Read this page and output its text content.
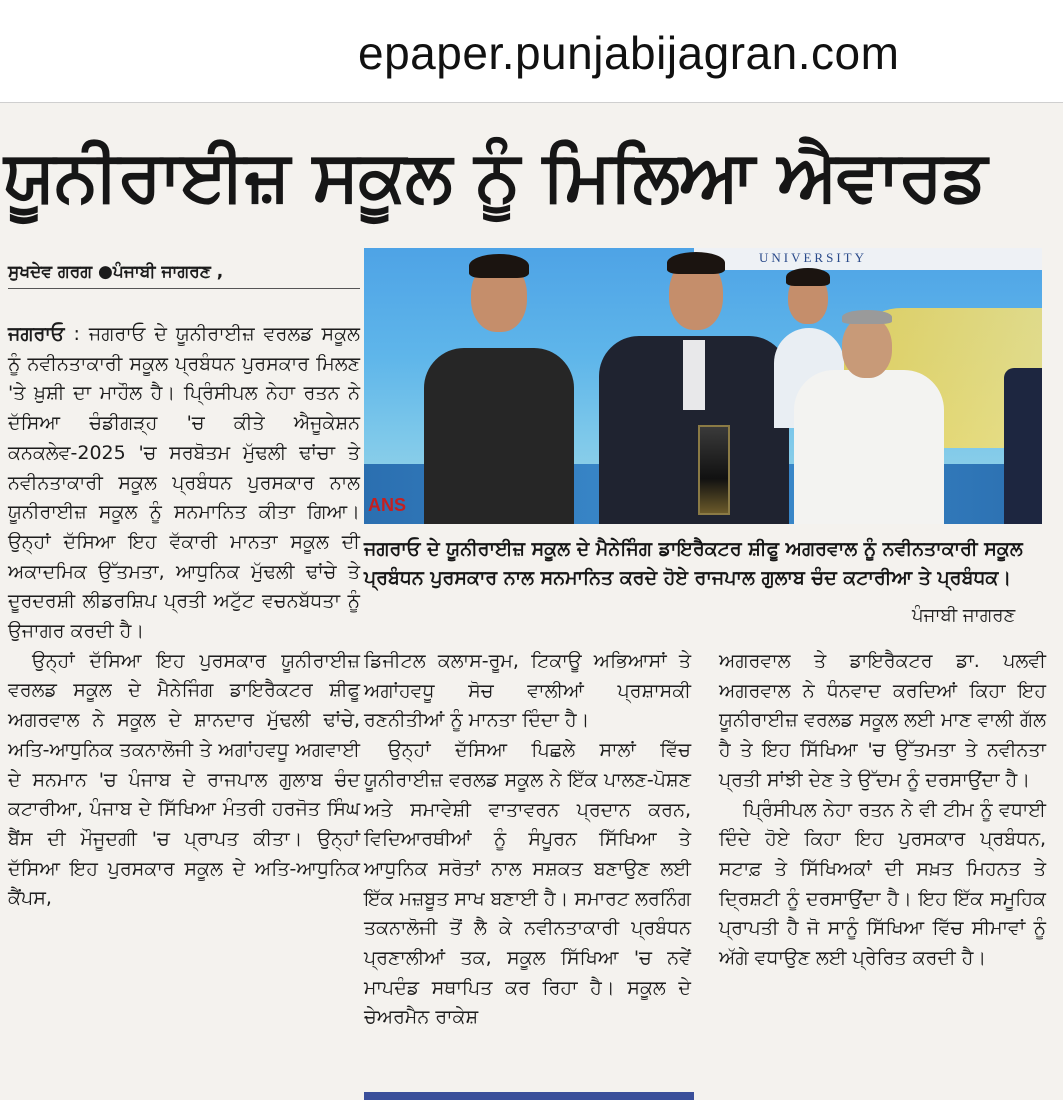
epaper.punjabijagran.com
ਯੂਨੀਰਾਈਜ਼ ਸਕੂਲ ਨੂੰ ਮਿਲਿਆ ਐਵਾਰਡ
ਸੁਖਦੇਵ ਗਰਗ ●ਪੰਜਾਬੀ ਜਾਗਰਣ ,

ਜਗਰਾਓ : ਜਗਰਾਓ ਦੇ ਯੂਨੀਰਾਈਜ਼ ਵਰਲਡ ਸਕੂਲ ਨੂੰ ਨਵੀਨਤਾਕਾਰੀ ਸਕੂਲ ਪ੍ਰਬੰਧਨ ਪੁਰਸਕਾਰ ਮਿਲਣ 'ਤੇ ਖ਼ੁਸ਼ੀ ਦਾ ਮਾਹੌਲ ਹੈ। ਪ੍ਰਿੰਸੀਪਲ ਨੇਹਾ ਰਤਨ ਨੇ ਦੱਸਿਆ ਚੰਡੀਗੜ੍ਹ 'ਚ ਕੀਤੇ ਐਜੂਕੇਸ਼ਨ ਕਨਕਲੇਵ-2025 'ਚ ਸਰਬੋਤਮ ਮੁੱਢਲੀ ਢਾਂਚਾ ਤੇ ਨਵੀਨਤਾਕਾਰੀ ਸਕੂਲ ਪ੍ਰਬੰਧਨ ਪੁਰਸਕਾਰ ਨਾਲ ਯੂਨੀਰਾਈਜ਼ ਸਕੂਲ ਨੂੰ ਸਨਮਾਨਿਤ ਕੀਤਾ ਗਿਆ। ਉਨ੍ਹਾਂ ਦੱਸਿਆ ਇਹ ਵੱਕਾਰੀ ਮਾਨਤਾ ਸਕੂਲ ਦੀ ਅਕਾਦਮਿਕ ਉੱਤਮਤਾ, ਆਧੁਨਿਕ ਮੁੱਢਲੀ ਢਾਂਚੇ ਤੇ ਦੂਰਦਰਸ਼ੀ ਲੀਡਰਸ਼ਿਪ ਪ੍ਰਤੀ ਅਟੁੱਟ ਵਚਨਬੱਧਤਾ ਨੂੰ ਉਜਾਗਰ ਕਰਦੀ ਹੈ।

ਉਨ੍ਹਾਂ ਦੱਸਿਆ ਇਹ ਪੁਰਸਕਾਰ ਯੂਨੀਰਾਈਜ਼ ਵਰਲਡ ਸਕੂਲ ਦੇ ਮੈਨੇਜਿੰਗ ਡਾਇਰੈਕਟਰ ਸ਼ੀਫੂ ਅਗਰਵਾਲ ਨੇ ਸਕੂਲ ਦੇ ਸ਼ਾਨਦਾਰ ਮੁੱਢਲੀ ਢਾਂਚੇ, ਅਤਿ-ਆਧੁਨਿਕ ਤਕਨਾਲੋਜੀ ਤੇ ਅਗਾਂਹਵਧੂ ਅਗਵਾਈ ਦੇ ਸਨਮਾਨ 'ਚ ਪੰਜਾਬ ਦੇ ਰਾਜਪਾਲ ਗੁਲਾਬ ਚੰਦ ਕਟਾਰੀਆ, ਪੰਜਾਬ ਦੇ ਸਿੱਖਿਆ ਮੰਤਰੀ ਹਰਜੋਤ ਸਿੰਘ ਬੈਂਸ ਦੀ ਮੌਜੂਦਗੀ 'ਚ ਪ੍ਰਾਪਤ ਕੀਤਾ। ਉਨ੍ਹਾਂ ਦੱਸਿਆ ਇਹ ਪੁਰਸਕਾਰ ਸਕੂਲ ਦੇ ਅਤਿ-ਆਧੁਨਿਕ ਕੈਂਪਸ,

UNIVERSITY
ANS
ਜਗਰਾਓ ਦੇ ਯੂਨੀਰਾਈਜ਼ ਸਕੂਲ ਦੇ ਮੈਨੇਜਿੰਗ ਡਾਇਰੈਕਟਰ ਸ਼ੀਫੂ ਅਗਰਵਾਲ ਨੂੰ ਨਵੀਨਤਾਕਾਰੀ ਸਕੂਲ ਪ੍ਰਬੰਧਨ ਪੁਰਸਕਾਰ ਨਾਲ ਸਨਮਾਨਿਤ ਕਰਦੇ ਹੋਏ ਰਾਜਪਾਲ ਗੁਲਾਬ ਚੰਦ ਕਟਾਰੀਆ ਤੇ ਪ੍ਰਬੰਧਕ।
ਪੰਜਾਬੀ ਜਾਗਰਣ

ਡਿਜੀਟਲ ਕਲਾਸ-ਰੂਮ, ਟਿਕਾਊ ਅਭਿਆਸਾਂ ਤੇ ਅਗਾਂਹਵਧੂ ਸੋਚ ਵਾਲੀਆਂ ਪ੍ਰਸ਼ਾਸਕੀ ਰਣਨੀਤੀਆਂ ਨੂੰ ਮਾਨਤਾ ਦਿੰਦਾ ਹੈ।

ਉਨ੍ਹਾਂ ਦੱਸਿਆ ਪਿਛਲੇ ਸਾਲਾਂ ਵਿੱਚ ਯੂਨੀਰਾਈਜ਼ ਵਰਲਡ ਸਕੂਲ ਨੇ ਇੱਕ ਪਾਲਣ-ਪੋਸ਼ਣ ਅਤੇ ਸਮਾਵੇਸ਼ੀ ਵਾਤਾਵਰਨ ਪ੍ਰਦਾਨ ਕਰਨ, ਵਿਦਿਆਰਥੀਆਂ ਨੂੰ ਸੰਪੂਰਨ ਸਿੱਖਿਆ ਤੇ ਆਧੁਨਿਕ ਸਰੋਤਾਂ ਨਾਲ ਸਸ਼ਕਤ ਬਣਾਉਣ ਲਈ ਇੱਕ ਮਜ਼ਬੂਤ ਸਾਖ ਬਣਾਈ ਹੈ। ਸਮਾਰਟ ਲਰਨਿੰਗ ਤਕਨਾਲੋਜੀ ਤੋਂ ਲੈ ਕੇ ਨਵੀਨਤਾਕਾਰੀ ਪ੍ਰਬੰਧਨ ਪ੍ਰਣਾਲੀਆਂ ਤਕ, ਸਕੂਲ ਸਿੱਖਿਆ 'ਚ ਨਵੇਂ ਮਾਪਦੰਡ ਸਥਾਪਿਤ ਕਰ ਰਿਹਾ ਹੈ। ਸਕੂਲ ਦੇ ਚੇਅਰਮੈਨ ਰਾਕੇਸ਼

ਅਗਰਵਾਲ ਤੇ ਡਾਇਰੈਕਟਰ ਡਾ. ਪਲਵੀ ਅਗਰਵਾਲ ਨੇ ਧੰਨਵਾਦ ਕਰਦਿਆਂ ਕਿਹਾ ਇਹ ਯੂਨੀਰਾਈਜ਼ ਵਰਲਡ ਸਕੂਲ ਲਈ ਮਾਣ ਵਾਲੀ ਗੱਲ ਹੈ ਤੇ ਇਹ ਸਿੱਖਿਆ 'ਚ ਉੱਤਮਤਾ ਤੇ ਨਵੀਨਤਾ ਪ੍ਰਤੀ ਸਾਂਝੀ ਦੇਣ ਤੇ ਉੱਦਮ ਨੂੰ ਦਰਸਾਉਂਦਾ ਹੈ।

ਪ੍ਰਿੰਸੀਪਲ ਨੇਹਾ ਰਤਨ ਨੇ ਵੀ ਟੀਮ ਨੂੰ ਵਧਾਈ ਦਿੰਦੇ ਹੋਏ ਕਿਹਾ ਇਹ ਪੁਰਸਕਾਰ ਪ੍ਰਬੰਧਨ, ਸਟਾਫ਼ ਤੇ ਸਿੱਖਿਅਕਾਂ ਦੀ ਸਖ਼ਤ ਮਿਹਨਤ ਤੇ ਦ੍ਰਿਸ਼ਟੀ ਨੂੰ ਦਰਸਾਉਂਦਾ ਹੈ। ਇਹ ਇੱਕ ਸਮੂਹਿਕ ਪ੍ਰਾਪਤੀ ਹੈ ਜੋ ਸਾਨੂੰ ਸਿੱਖਿਆ ਵਿੱਚ ਸੀਮਾਵਾਂ ਨੂੰ ਅੱਗੇ ਵਧਾਉਣ ਲਈ ਪ੍ਰੇਰਿਤ ਕਰਦੀ ਹੈ।
